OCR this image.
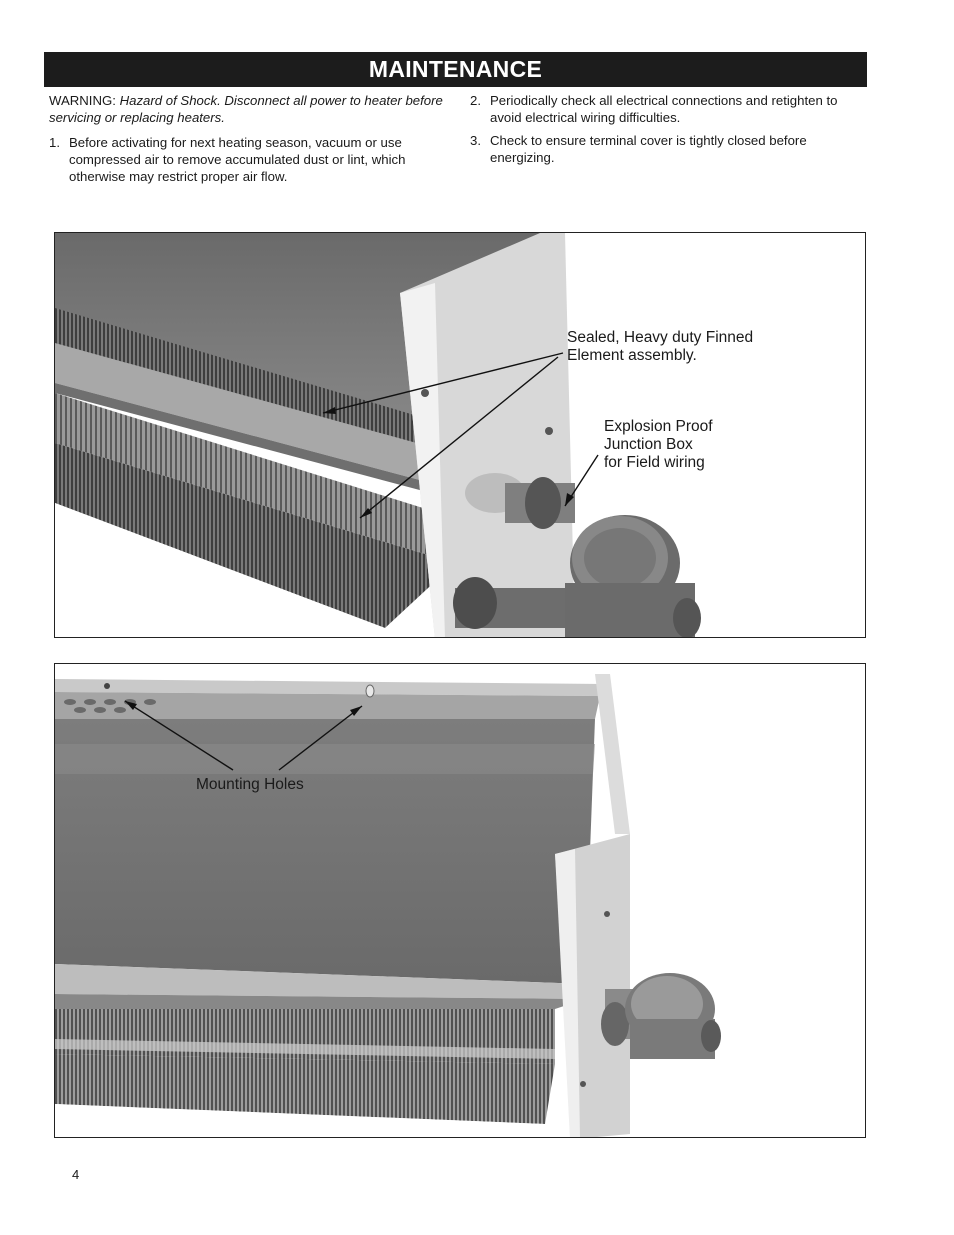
MAINTENANCE

WARNING: Hazard of Shock. Disconnect all power to heater before servicing or replacing heaters.

1. Before activating for next heating season, vacuum or use compressed air to remove accumulated dust or lint, which otherwise may restrict proper air flow.
2. Periodically check all electrical connections and retighten to avoid electrical wiring difficulties.
3. Check to ensure terminal cover is tightly closed before energizing.
Sealed, Heavy duty Finned
Element assembly.
Explosion Proof
Junction Box
for Field wiring
Mounting Holes
4
